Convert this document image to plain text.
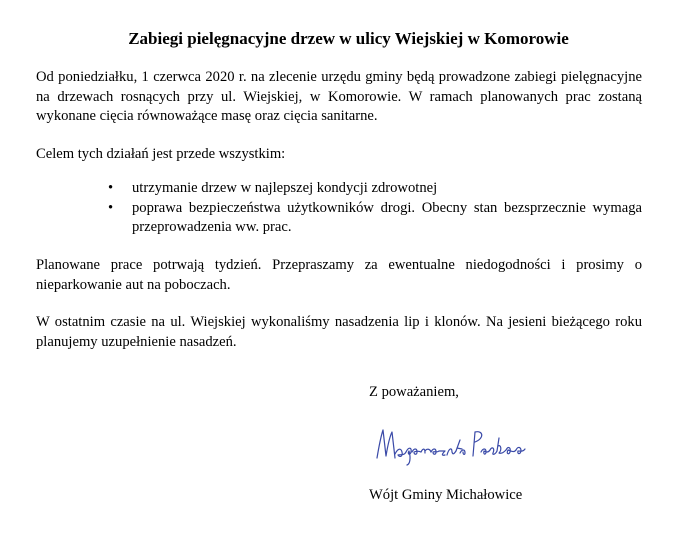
Zabiegi pielęgnacyjne drzew w ulicy Wiejskiej w Komorowie

Od poniedziałku, 1 czerwca 2020 r. na zlecenie urzędu gminy będą prowadzone zabiegi pielęgnacyjne na drzewach rosnących przy ul. Wiejskiej, w Komorowie. W ramach planowanych prac zostaną wykonane cięcia równoważące masę oraz cięcia sanitarne.

Celem tych działań jest przede wszystkim:

• utrzymanie drzew w najlepszej kondycji zdrowotnej
• poprawa bezpieczeństwa użytkowników drogi. Obecny stan bezsprzecznie wymaga przeprowadzenia ww. prac.

Planowane prace potrwają tydzień. Przepraszamy za ewentualne niedogodności i prosimy o nieparkowanie aut na poboczach.

W ostatnim czasie na ul. Wiejskiej wykonaliśmy nasadzenia lip i klonów. Na jesieni bieżącego roku planujemy uzupełnienie nasadzeń.

Z poważaniem,

Wójt Gminy Michałowice
